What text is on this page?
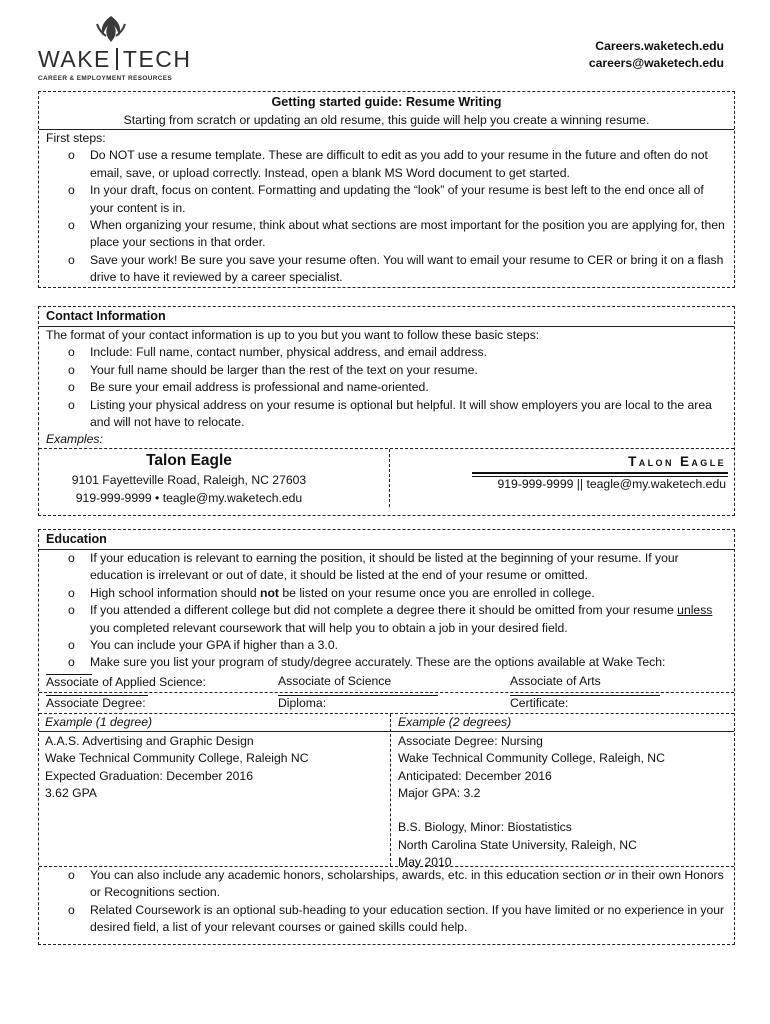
WAKE TECH
CAREER & EMPLOYMENT RESOURCES
Careers.waketech.edu
careers@waketech.edu
Getting started guide: Resume Writing
Starting from scratch or updating an old resume, this guide will help you create a winning resume.
First steps:
o Do NOT use a resume template. These are difficult to edit as you add to your resume in the future and often do not email, save, or upload correctly. Instead, open a blank MS Word document to get started.
o In your draft, focus on content. Formatting and updating the “look” of your resume is best left to the end once all of your content is in.
o When organizing your resume, think about what sections are most important for the position you are applying for, then place your sections in that order.
o Save your work! Be sure you save your resume often. You will want to email your resume to CER or bring it on a flash drive to have it reviewed by a career specialist.
Contact Information
The format of your contact information is up to you but you want to follow these basic steps:
o Include: Full name, contact number, physical address, and email address.
o Your full name should be larger than the rest of the text on your resume.
o Be sure your email address is professional and name-oriented.
o Listing your physical address on your resume is optional but helpful. It will show employers you are local to the area and will not have to relocate.
Examples:
Talon Eagle
9101 Fayetteville Road, Raleigh, NC 27603
919-999-9999 • teagle@my.waketech.edu
Talon Eagle
919-999-9999 || teagle@my.waketech.edu
Education
o If your education is relevant to earning the position, it should be listed at the beginning of your resume. If your education is irrelevant or out of date, it should be listed at the end of your resume or omitted.
o High school information should not be listed on your resume once you are enrolled in college.
o If you attended a different college but did not complete a degree there it should be omitted from your resume unless you completed relevant coursework that will help you to obtain a job in your desired field.
o You can include your GPA if higher than a 3.0.
o Make sure you list your program of study/degree accurately. These are the options available at Wake Tech:
Associate of Applied Science:	Associate of Science	Associate of Arts
Associate Degree:	Diploma:	Certificate:
Example (1 degree)
A.A.S. Advertising and Graphic Design
Wake Technical Community College, Raleigh NC
Expected Graduation: December 2016
3.62 GPA
Example (2 degrees)
Associate Degree: Nursing
Wake Technical Community College, Raleigh, NC
Anticipated: December 2016
Major GPA: 3.2
B.S. Biology, Minor: Biostatistics
North Carolina State University, Raleigh, NC
May 2010
o You can also include any academic honors, scholarships, awards, etc. in this education section or in their own Honors or Recognitions section.
o Related Coursework is an optional sub-heading to your education section. If you have limited or no experience in your desired field, a list of your relevant courses or gained skills could help.
